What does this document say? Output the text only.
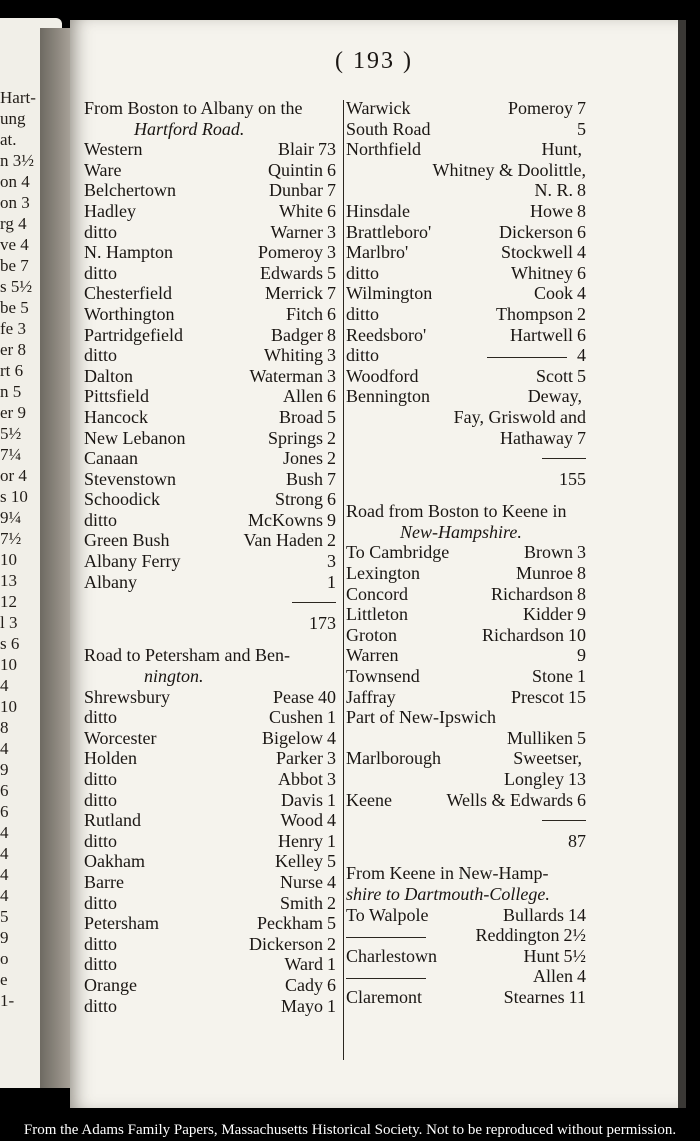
Hart-
ung
at.
n 3½
on 4
on 3
rg 4
ve 4
be 7
s 5½
be 5
fe 3
er 8
rt 6
n 5
er 9
5½
7¼
or 4
s 10
9¼
7½
10
13
12
l 3
s 6
10
4
10
8
4
9
6
6
4
4
4
4
5
9
o
e
1-
( 193 )
From Boston to Albany on the
Hartford Road.
Western	Blair 73
Ware	Quintin 6
Belchertown	Dunbar 7
Hadley	White 6
ditto	Warner 3
N. Hampton	Pomeroy 3
ditto	Edwards 5
Chesterfield	Merrick 7
Worthington	Fitch 6
Partridgefield	Badger 8
ditto	Whiting 3
Dalton	Waterman 3
Pittsfield	Allen 6
Hancock	Broad 5
New Lebanon	Springs 2
Canaan	Jones 2
Stevenstown	Bush 7
Schoodick	Strong 6
ditto	McKowns 9
Green Bush	Van Haden 2
Albany Ferry	3
Albany	1
173
Road to Petersham and Ben-
nington.
Shrewsbury	Pease 40
ditto	Cushen 1
Worcester	Bigelow 4
Holden	Parker 3
ditto	Abbot 3
ditto	Davis 1
Rutland	Wood 4
ditto	Henry 1
Oakham	Kelley 5
Barre	Nurse 4
ditto	Smith 2
Petersham	Peckham 5
ditto	Dickerson 2
ditto	Ward 1
Orange	Cady 6
ditto	Mayo 1
Warwick	Pomeroy 7
South Road	5
Northfield	Hunt,
Whitney & Doolittle,
N. R. 8
Hinsdale	Howe 8
Brattleboro'	Dickerson 6
Marlbro'	Stockwell 4
ditto	Whitney 6
Wilmington	Cook 4
ditto	Thompson 2
Reedsboro'	Hartwell 6
ditto	4
Woodford	Scott 5
Bennington	Deway,
Fay, Griswold and
Hathaway 7
155
Road from Boston to Keene in
New-Hampshire.
To Cambridge	Brown 3
Lexington	Munroe 8
Concord	Richardson 8
Littleton	Kidder 9
Groton	Richardson 10
Warren	9
Townsend	Stone 1
Jaffray	Prescot 15
Part of New-Ipswich
Mulliken 5
Marlborough	Sweetser,
Longley 13
Keene	Wells & Edwards 6
87
From Keene in New-Hamp-
shire to Dartmouth-College.
To Walpole	Bullards 14
Reddington 2½
Charlestown	Hunt 5½
Allen 4
Claremont	Stearnes 11
From the Adams Family Papers, Massachusetts Historical Society. Not to be reproduced without permission.
